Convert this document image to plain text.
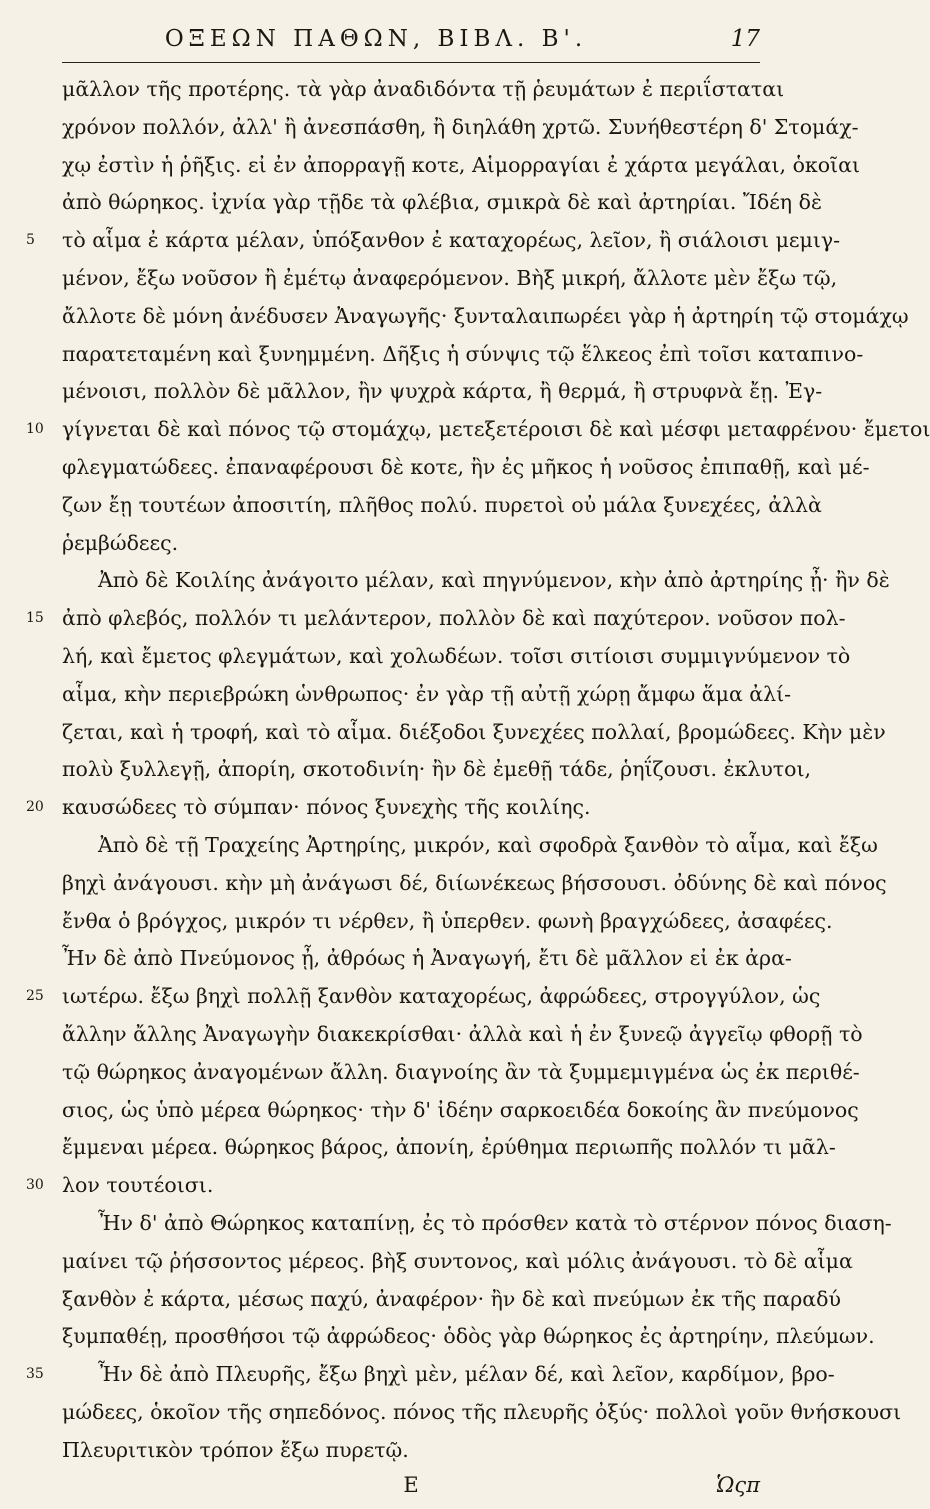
ΟΞΕΩΝ ΠΑΘΩΝ, ΒΙΒΛ. Β'.	17
μᾶλλον τῆς προτέρης. τὰ γὰρ ἀναδιδόντα τῇ ῥευμάτων ἐ περιΐσταται
χρόνον πολλόν, ἀλλ' ἢ ἀνεσπάσθη, ἢ διηλάθη χρτῶ. Συνήθεστέρη δ' Στομάχ-
χῳ ἐστὶν ἡ ῥῆξις. εἰ ἐν ἀπορραγῇ κοτε, Αἱμορραγίαι ἐ χάρτα μεγάλαι, ὁκοῖαι
ἀπὸ θώρηκος. ἰχνία γὰρ τῇδε τὰ φλέβια, σμικρὰ δὲ καὶ ἀρτηρίαι. Ἴδέη δὲ
5	τὸ αἷμα ἐ κάρτα μέλαν, ὑπόξανθον ἐ καταχορέως, λεῖον, ἢ σιάλοισι μεμιγ-
μένον, ἔξω νοῦσον ἢ ἐμέτῳ ἀναφερόμενον. Βὴξ μικρή, ἄλλοτε μὲν ἔξω τῷ,
ἄλλοτε δὲ μόνη ἀνέδυσεν Ἀναγωγῆς· ξυνταλαιπωρέει γὰρ ἡ ἀρτηρίη τῷ στομάχῳ
παρατεταμένη καὶ ξυνημμένη. Δῆξις ἡ σύνψις τῷ ἕλκεος ἐπὶ τοῖσι καταπινο-
μένοισι, πολλὸν δὲ μᾶλλον, ἢν ψυχρὰ κάρτα, ἢ θερμά, ἢ στρυφνὰ ἔῃ. Ἐγ-
10 γίγνεται δὲ καὶ πόνος τῷ στομάχῳ, μετεξετέροισι δὲ καὶ μέσφι μεταφρένου· ἔμετοι
φλεγματώδεες. ἐπαναφέρουσι δὲ κοτε, ἢν ἐς μῆκος ἡ νοῦσος ἐπιπαθῇ, καὶ μέ-
ζων ἔῃ τουτέων ἀποσιτίη, πλῆθος πολύ. πυρετοὶ οὐ μάλα ξυνεχέες, ἀλλὰ
ῥεμβώδεες.
Ἀπὸ δὲ Κοιλίης ἀνάγοιτο μέλαν, καὶ πηγνύμενον, κὴν ἀπὸ ἀρτηρίης ᾖ· ἢν δὲ
15 ἀπὸ φλεβός, πολλόν τι μελάντερον, πολλὸν δὲ καὶ παχύτερον. νοῦσον πολ-
λή, καὶ ἔμετος φλεγμάτων, καὶ χολωδέων. τοῖσι σιτίοισι συμμιγνύμενον τὸ
αἷμα, κὴν περιεβρώκη ὡνθρωπος· ἐν γὰρ τῇ αὐτῇ χώρῃ ἄμφω ἅμα ἀλί-
ζεται, καὶ ἡ τροφή, καὶ τὸ αἷμα. διέξοδοι ξυνεχέες πολλαί, βρομώδεες. Κὴν μὲν
πολὺ ξυλλεγῇ, ἀπορίη, σκοτοδινίη· ἢν δὲ ἐμεθῇ τάδε, ῥηΐζουσι. ἐκλυτοι,
20 καυσώδεες τὸ σύμπαν· πόνος ξυνεχὴς τῆς κοιλίης.
Ἀπὸ δὲ τῇ Τραχείης Ἀρτηρίης, μικρόν, καὶ σφοδρὰ ξανθὸν τὸ αἷμα, καὶ ἔξω
βηχὶ ἀνάγουσι. κὴν μὴ ἀνάγωσι δέ, διίωνέκεως βήσσουσι. ὀδύνης δὲ καὶ πόνος
ἔνθα ὁ βρόγχος, μικρόν τι νέρθεν, ἢ ὑπερθεν. φωνὴ βραγχώδεες, ἀσαφέες.
Ἦν δὲ ἀπὸ Πνεύμονος ᾖ, ἀθρόως ἡ Ἀναγωγή, ἔτι δὲ μᾶλλον εἰ ἐκ ἀρα-
25 ιωτέρω. ἔξω βηχὶ πολλῇ ξανθὸν καταχορέως, ἀφρώδεες, στρογγύλον, ὡς
ἄλλην ἄλλης Ἀναγωγὴν διακεκρίσθαι· ἀλλὰ καὶ ἡ ἐν ξυνεῷ ἀγγεῖῳ φθορῇ τὸ
τῷ θώρηκος ἀναγομένων ἄλλη. διαγνοίης ἂν τὰ ξυμμεμιγμένα ὡς ἐκ περιθέ-
σιος, ὡς ὑπὸ μέρεα θώρηκος· τὴν δ' ἰδέην σαρκοειδέα δοκοίης ἂν πνεύμονος
ἔμμεναι μέρεα. θώρηκος βάρος, ἀπονίη, ἐρύθημα περιωπῆς πολλόν τι μᾶλ-
30 λον τουτέοισι.
Ἦν δ' ἀπὸ Θώρηκος καταπίνῃ, ἐς τὸ πρόσθεν κατὰ τὸ στέρνον πόνος διαση-
μαίνει τῷ ῥήσσοντος μέρεος. βὴξ συντονος, καὶ μόλις ἀνάγουσι. τὸ δὲ αἷμα
ξανθὸν ἐ κάρτα, μέσως παχύ, ἀναφέρον· ἢν δὲ καὶ πνεύμων ἐκ τῆς παραδύ
ξυμπαθέῃ, προσθήσοι τῷ ἀφρώδεος· ὁδὸς γὰρ θώρηκος ἐς ἀρτηρίην, πλεύμων.
35	Ἦν δὲ ἀπὸ Πλευρῆς, ἔξω βηχὶ μὲν, μέλαν δέ, καὶ λεῖον, καρδίμον, βρο-
μώδεες, ὁκοῖον τῆς σηπεδόνος. πόνος τῆς πλευρῆς ὀξύς· πολλοὶ γοῦν θνήσκουσι
Πλευριτικὸν τρόπον ἔξω πυρετῷ.
E	Ὡςπ
